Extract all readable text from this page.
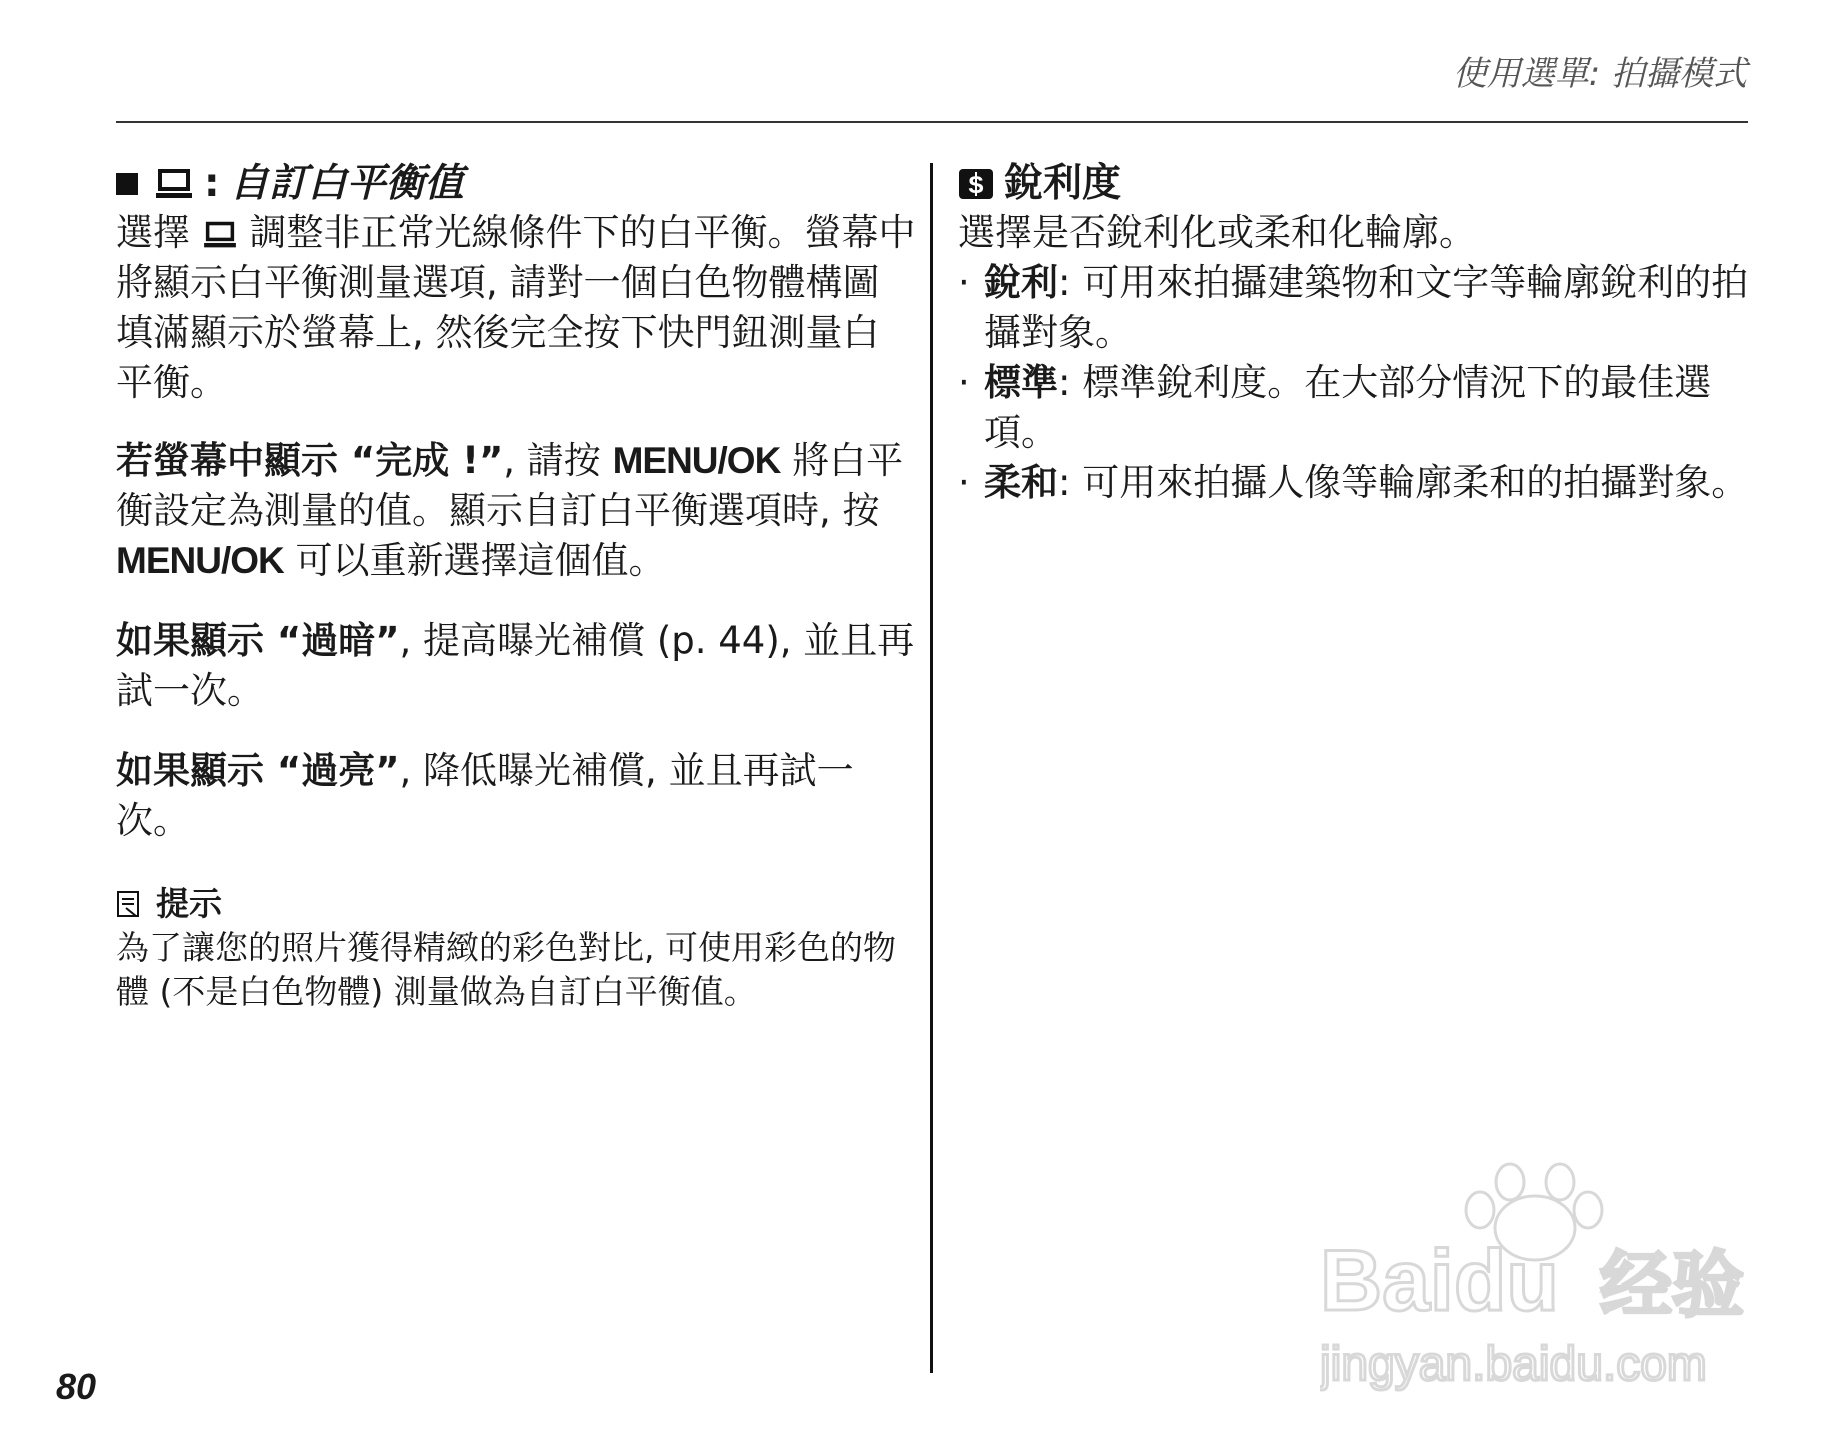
使用選單: 拍攝模式
: 自訂白平衡值

選擇 調整非正常光線條件下的白平衡。螢幕中將顯示白平衡測量選項, 請對一個白色物體構圖填滿顯示於螢幕上, 然後完全按下快門鈕測量白平衡。

若螢幕中顯示 “完成 !”, 請按 MENU/OK 將白平衡設定為測量的值。顯示自訂白平衡選項時, 按 MENU/OK 可以重新選擇這個值。

如果顯示 “過暗”, 提高曝光補償 (p. 44), 並且再試一次。

如果顯示 “過亮”, 降低曝光補償, 並且再試一次。

提示

為了讓您的照片獲得精緻的彩色對比, 可使用彩色的物體 (不是白色物體) 測量做為自訂白平衡值。

S 銳利度

選擇是否銳利化或柔和化輪廓。

· 銳利: 可用來拍攝建築物和文字等輪廓銳利的拍攝對象。
· 標準: 標準銳利度。在大部分情況下的最佳選項。
· 柔和: 可用來拍攝人像等輪廓柔和的拍攝對象。
80
Baidu 经验
jingyan.baidu.com
